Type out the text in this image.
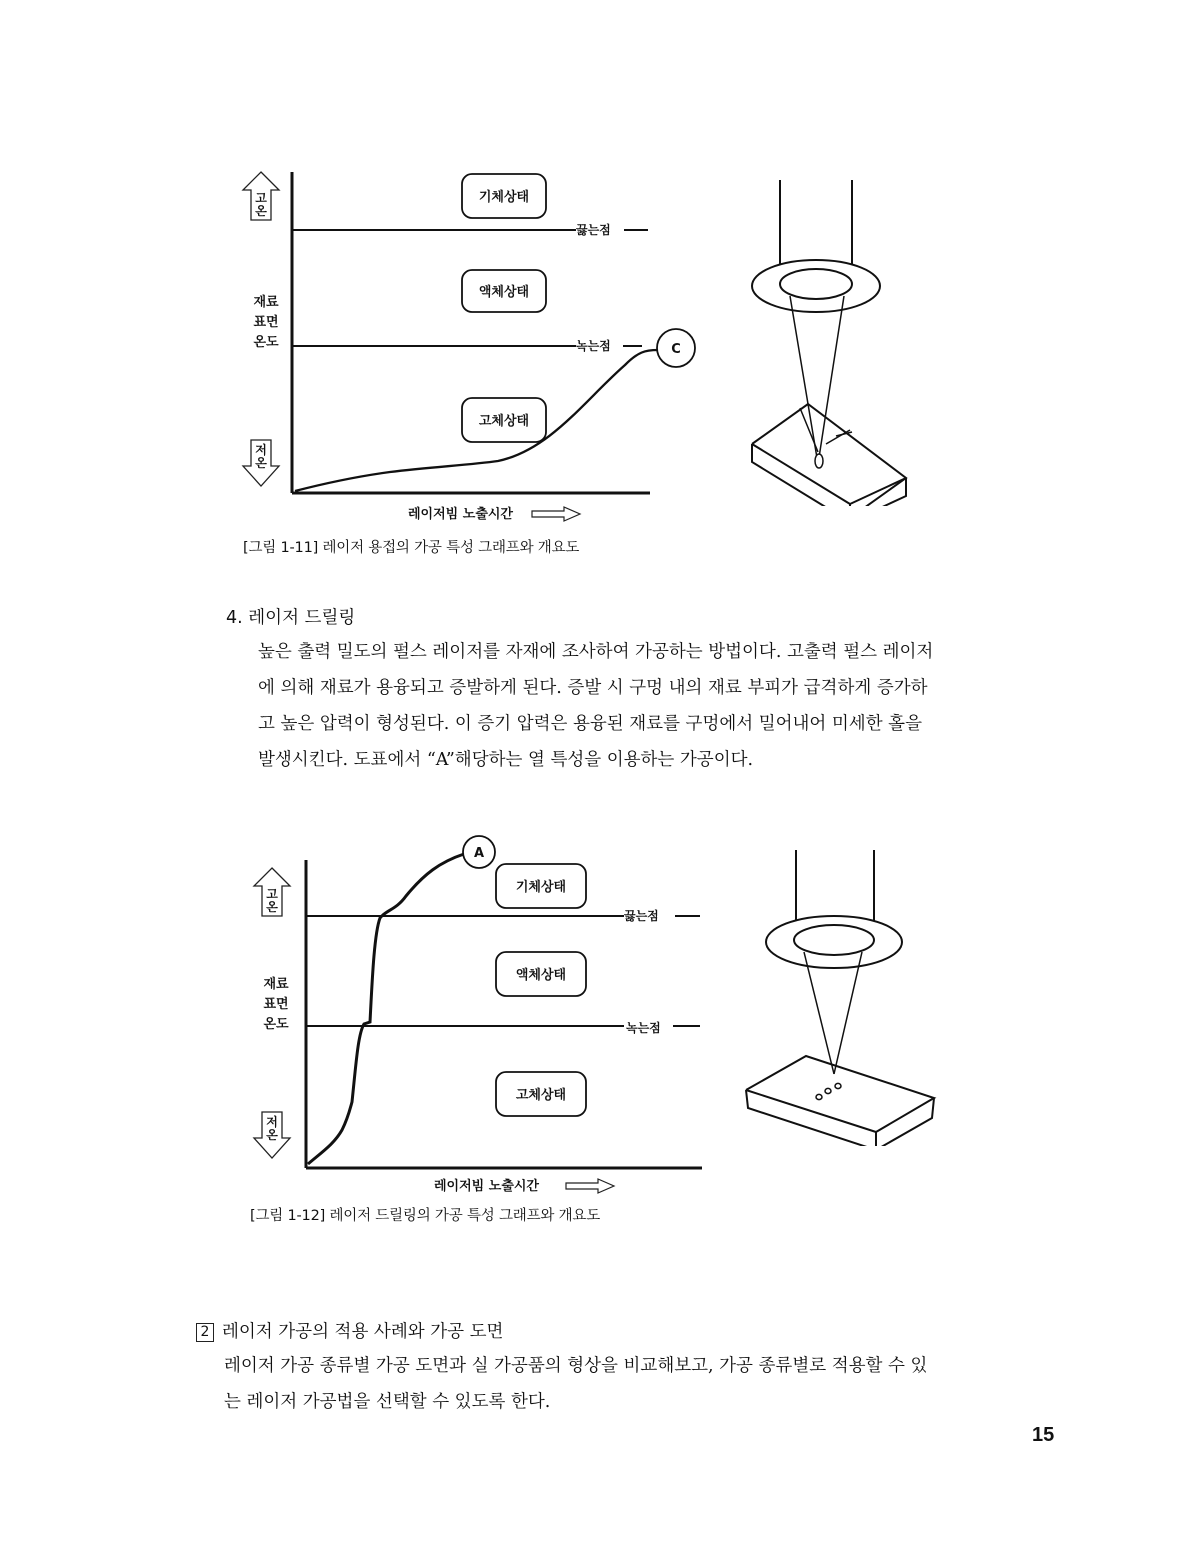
고
온
저
온
재료
표면
온도
끓는점
녹는점
기체상태
액체상태
고체상태
C
레이저빔 노출시간
[그림 1-11] 레이저 용접의 가공 특성 그래프와 개요도
4. 레이저 드릴링
높은 출력 밀도의 펄스 레이저를 자재에 조사하여 가공하는 방법이다. 고출력 펄스 레이저
에 의해 재료가 용융되고 증발하게 된다. 증발 시 구멍 내의 재료 부피가 급격하게 증가하
고 높은 압력이 형성된다. 이 증기 압력은 용융된 재료를 구멍에서 밀어내어 미세한 홀을
발생시킨다. 도표에서 “A”해당하는 열 특성을 이용하는 가공이다.
고
온
저
온
재료
표면
온도
끓는점
녹는점
기체상태
액체상태
고체상태
A
레이저빔 노출시간
[그림 1-12] 레이저 드릴링의 가공 특성 그래프와 개요도
2 레이저 가공의 적용 사례와 가공 도면
레이저 가공 종류별 가공 도면과 실 가공품의 형상을 비교해보고, 가공 종류별로 적용할 수 있
는 레이저 가공법을 선택할 수 있도록 한다.
15
